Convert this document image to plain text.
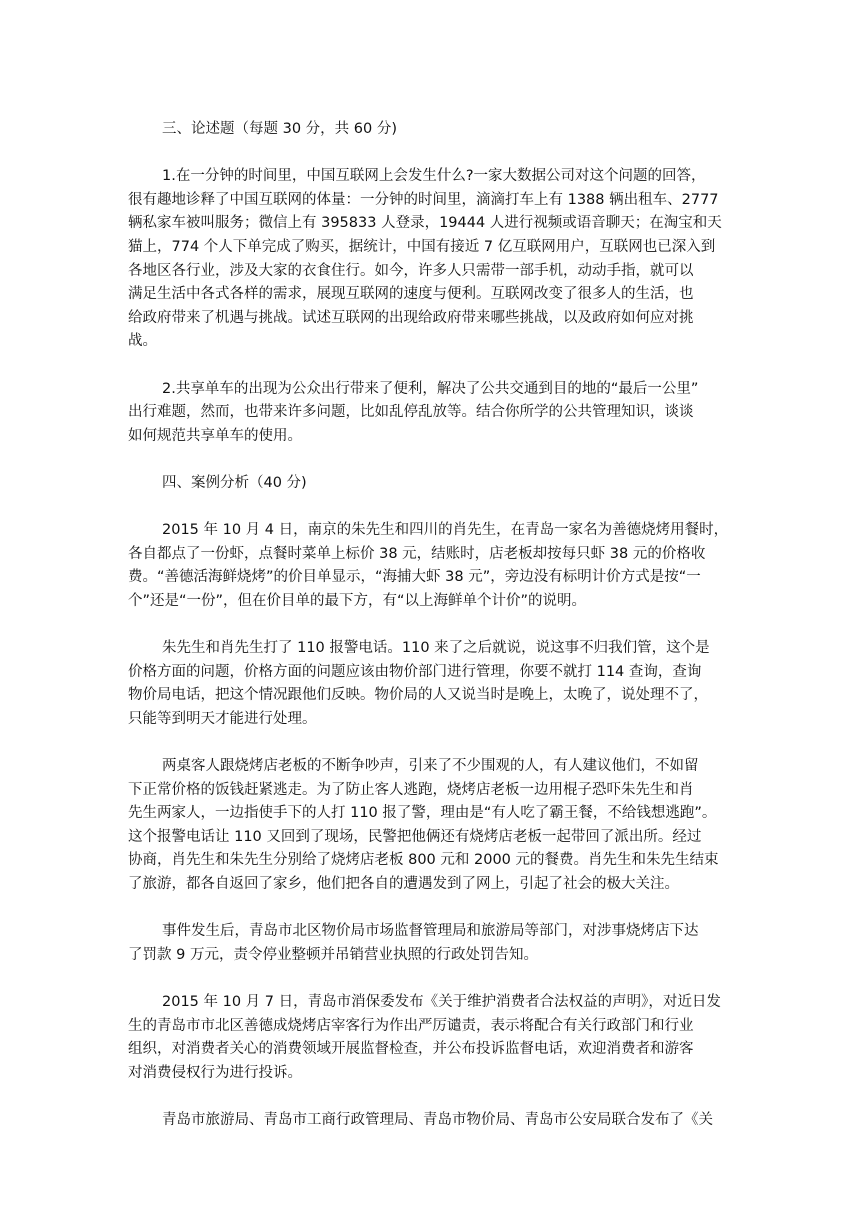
三、论述题（每题 30 分，共 60 分)
1.在一分钟的时间里，中国互联网上会发生什么?一家大数据公司对这个问题的回答，
很有趣地诊释了中国互联网的体量：一分钟的时间里，滴滴打车上有 1388 辆出租车、2777
辆私家车被叫服务；微信上有 395833 人登录，19444 人进行视频或语音聊天；在淘宝和天
猫上，774 个人下单完成了购买，据统计，中国有接近 7 亿互联网用户，互联网也已深入到
各地区各行业，涉及大家的衣食住行。如今，许多人只需带一部手机，动动手指，就可以
满足生活中各式各样的需求，展现互联网的速度与便利。互联网改变了很多人的生活，也
给政府带来了机遇与挑战。试述互联网的出现给政府带来哪些挑战，以及政府如何应对挑
战。
2.共享单车的出现为公众出行带来了便利，解决了公共交通到目的地的“最后一公里”
出行难题，然而，也带来许多问题，比如乱停乱放等。结合你所学的公共管理知识，谈谈
如何规范共享单车的使用。
四、案例分析（40 分)
2015 年 10 月 4 日，南京的朱先生和四川的肖先生，在青岛一家名为善德烧烤用餐时，
各自都点了一份虾，点餐时菜单上标价 38 元，结账时，店老板却按每只虾 38 元的价格收
费。“善德活海鲜烧烤”的价目单显示，“海捕大虾 38 元”，旁边没有标明计价方式是按“一
个”还是“一份”，但在价目单的最下方，有“以上海鲜单个计价”的说明。
朱先生和肖先生打了 110 报警电话。110 来了之后就说，说这事不归我们管，这个是
价格方面的问题，价格方面的问题应该由物价部门进行管理，你要不就打 114 查询，查询
物价局电话，把这个情况跟他们反映。物价局的人又说当时是晚上，太晚了，说处理不了，
只能等到明天才能进行处理。
两桌客人跟烧烤店老板的不断争吵声，引来了不少围观的人，有人建议他们，不如留
下正常价格的饭钱赶紧逃走。为了防止客人逃跑，烧烤店老板一边用棍子恐吓朱先生和肖
先生两家人，一边指使手下的人打 110 报了警，理由是“有人吃了霸王餐，不给钱想逃跑”。
这个报警电话让 110 又回到了现场，民警把他俩还有烧烤店老板一起带回了派出所。经过
协商，肖先生和朱先生分别给了烧烤店老板 800 元和 2000 元的餐费。肖先生和朱先生结束
了旅游，都各自返回了家乡，他们把各自的遭遇发到了网上，引起了社会的极大关注。
事件发生后，青岛市北区物价局市场监督管理局和旅游局等部门，对涉事烧烤店下达
了罚款 9 万元，责令停业整顿并吊销营业执照的行政处罚告知。
2015 年 10 月 7 日，青岛市消保委发布《关于维护消费者合法权益的声明》，对近日发
生的青岛市市北区善德成烧烤店宰客行为作出严厉谴责，表示将配合有关行政部门和行业
组织，对消费者关心的消费领域开展监督检查，并公布投诉监督电话，欢迎消费者和游客
对消费侵权行为进行投诉。
青岛市旅游局、青岛市工商行政管理局、青岛市物价局、青岛市公安局联合发布了《关
